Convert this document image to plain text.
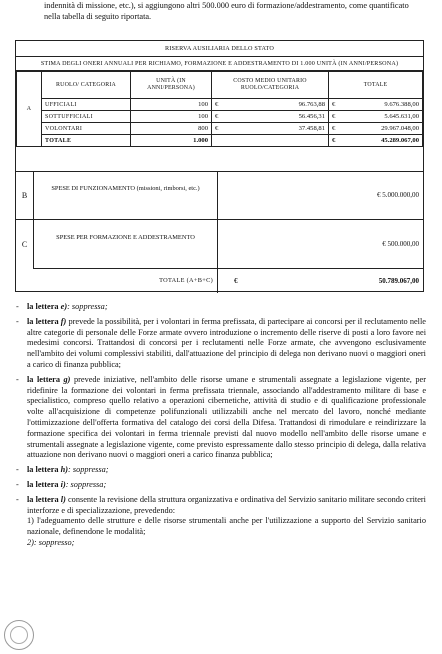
indennità di missione, etc.), si aggiungono altri 500.000 euro di formazione/addestramento, come quantificato nella tabella di seguito riportata.
RISERVA AUSILIARIA DELLO STATO
STIMA DEGLI ONERI ANNUALI PER RICHIAMO, FORMAZIONE E ADDESTRAMENTO DI 1.000 UNITÀ (IN ANNI/PERSONA)
A	RUOLO/ CATEGORIA	UNITÀ (IN ANNI/PERSONA)	COSTO MEDIO UNITARIO RUOLO/CATEGORIA	TOTALE
	UFFICIALI	100	€ 96.763,88	€ 9.676.388,00
	SOTTUFFICIALI	100	€ 56.456,31	€ 5.645.631,00
	VOLONTARI	800	€ 37.458,81	€ 29.967.048,00
	TOTALE	1.000		€ 45.289.067,00
B
SPESE DI FUNZIONAMENTO (missioni, rimborsi, etc.)
€ 5.000.000,00
C
SPESE PER FORMAZIONE E ADDESTRAMENTO
€ 500.000,00
TOTALE (A+B+C)	€	50.789.067,00
- la lettera e): soppressa;
- la lettera f) prevede la possibilità, per i volontari in ferma prefissata, di partecipare ai concorsi per il reclutamento nelle altre categorie di personale delle Forze armate ovvero introduzione o incremento delle riserve di posti a loro favore nei medesimi concorsi. Trattandosi di concorsi per i reclutamenti nelle Forze armate, che avvengono esclusivamente nell'ambito dei volumi complessivi stabiliti, dall'attuazione del principio di delega non derivano nuovi o maggiori oneri a carico di finanza pubblica;
- la lettera g) prevede iniziative, nell'ambito delle risorse umane e strumentali assegnate a legislazione vigente, per ridefinire la formazione dei volontari in ferma prefissata triennale, associando all'addestramento militare di base e specialistico, compreso quello relativo a operazioni cibernetiche, attività di studio e di qualificazione professionale volte all'acquisizione di competenze polifunzionali utilizzabili anche nel mercato del lavoro, nonché mediante l'ottimizzazione dell'offerta formativa del catalogo dei corsi della Difesa. Trattandosi di rimodulare e reindirizzare la formazione specifica dei volontari in ferma triennale previsti dal nuovo modello nell'ambito delle risorse umane e strumentali assegnate a legislazione vigente, come previsto espressamente dallo stesso principio di delega, dalla relativa attuazione non derivano nuovi o maggiori oneri a carico finanza pubblica;
- la lettera h): soppressa;
- la lettera i): soppressa;
- la lettera l) consente la revisione della struttura organizzativa e ordinativa del Servizio sanitario militare secondo criteri interforze e di specializzazione, prevedendo:
1) l'adeguamento delle strutture e delle risorse strumentali anche per l'utilizzazione a supporto del Servizio sanitario nazionale, definendone le modalità;
2): soppresso;
